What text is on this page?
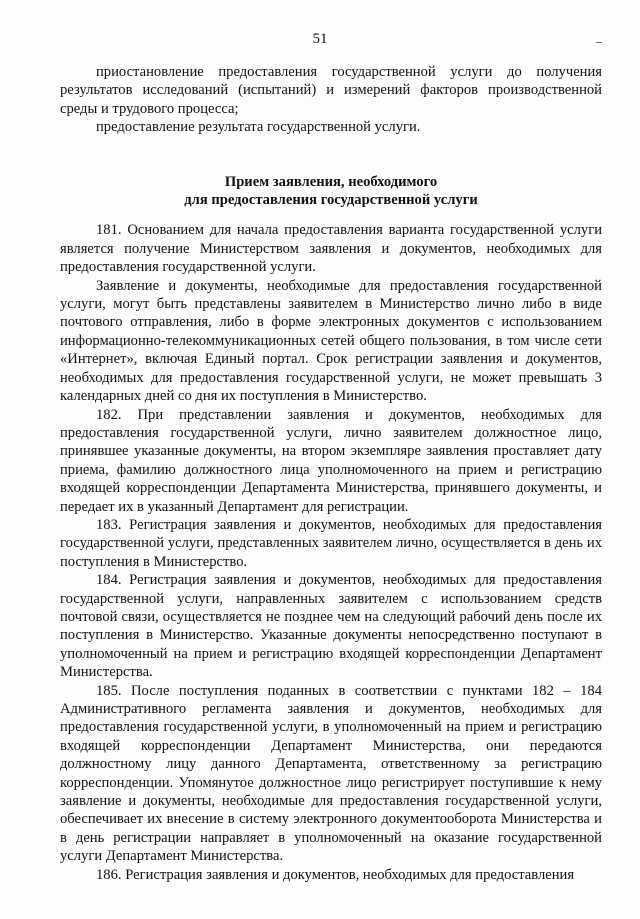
51

приостановление предоставления государственной услуги до получения результатов исследований (испытаний) и измерений факторов производственной среды и трудового процесса;

предоставление результата государственной услуги.

Прием заявления, необходимого
для предоставления государственной услуги

181. Основанием для начала предоставления варианта государственной услуги является получение Министерством заявления и документов, необходимых для предоставления государственной услуги.

Заявление и документы, необходимые для предоставления государственной услуги, могут быть представлены заявителем в Министерство лично либо в виде почтового отправления, либо в форме электронных документов с использованием информационно-телекоммуникационных сетей общего пользования, в том числе сети «Интернет», включая Единый портал. Срок регистрации заявления и документов, необходимых для предоставления государственной услуги, не может превышать 3 календарных дней со дня их поступления в Министерство.

182. При представлении заявления и документов, необходимых для предоставления государственной услуги, лично заявителем должностное лицо, принявшее указанные документы, на втором экземпляре заявления проставляет дату приема, фамилию должностного лица уполномоченного на прием и регистрацию входящей корреспонденции Департамента Министерства, принявшего документы, и передает их в указанный Департамент для регистрации.

183. Регистрация заявления и документов, необходимых для предоставления государственной услуги, представленных заявителем лично, осуществляется в день их поступления в Министерство.

184. Регистрация заявления и документов, необходимых для предоставления государственной услуги, направленных заявителем с использованием средств почтовой связи, осуществляется не позднее чем на следующий рабочий день после их поступления в Министерство. Указанные документы непосредственно поступают в уполномоченный на прием и регистрацию входящей корреспонденции Департамент Министерства.

185. После поступления поданных в соответствии с пунктами 182 – 184 Административного регламента заявления и документов, необходимых для предоставления государственной услуги, в уполномоченный на прием и регистрацию входящей корреспонденции Департамент Министерства, они передаются должностному лицу данного Департамента, ответственному за регистрацию корреспонденции. Упомянутое должностное лицо регистрирует поступившие к нему заявление и документы, необходимые для предоставления государственной услуги, обеспечивает их внесение в систему электронного документооборота Министерства и в день регистрации направляет в уполномоченный на оказание государственной услуги Департамент Министерства.

186. Регистрация заявления и документов, необходимых для предоставления
